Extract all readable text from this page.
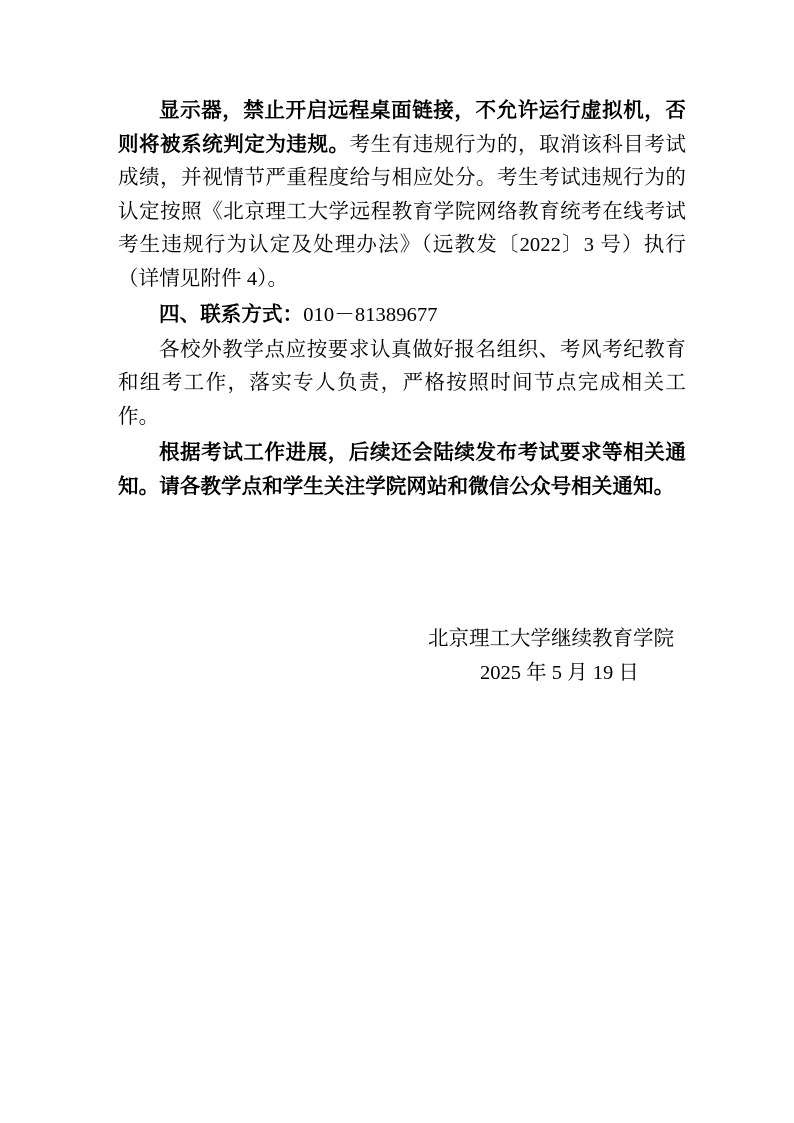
显示器，禁止开启远程桌面链接，不允许运行虚拟机，否则将被系统判定为违规。考生有违规行为的，取消该科目考试成绩，并视情节严重程度给与相应处分。考生考试违规行为的认定按照《北京理工大学远程教育学院网络教育统考在线考试考生违规行为认定及处理办法》（远教发〔2022〕3 号）执行（详情见附件 4）。

四、联系方式：010－81389677

各校外教学点应按要求认真做好报名组织、考风考纪教育和组考工作，落实专人负责，严格按照时间节点完成相关工作。

根据考试工作进展，后续还会陆续发布考试要求等相关通知。请各教学点和学生关注学院网站和微信公众号相关通知。

北京理工大学继续教育学院
2025 年 5 月 19 日
